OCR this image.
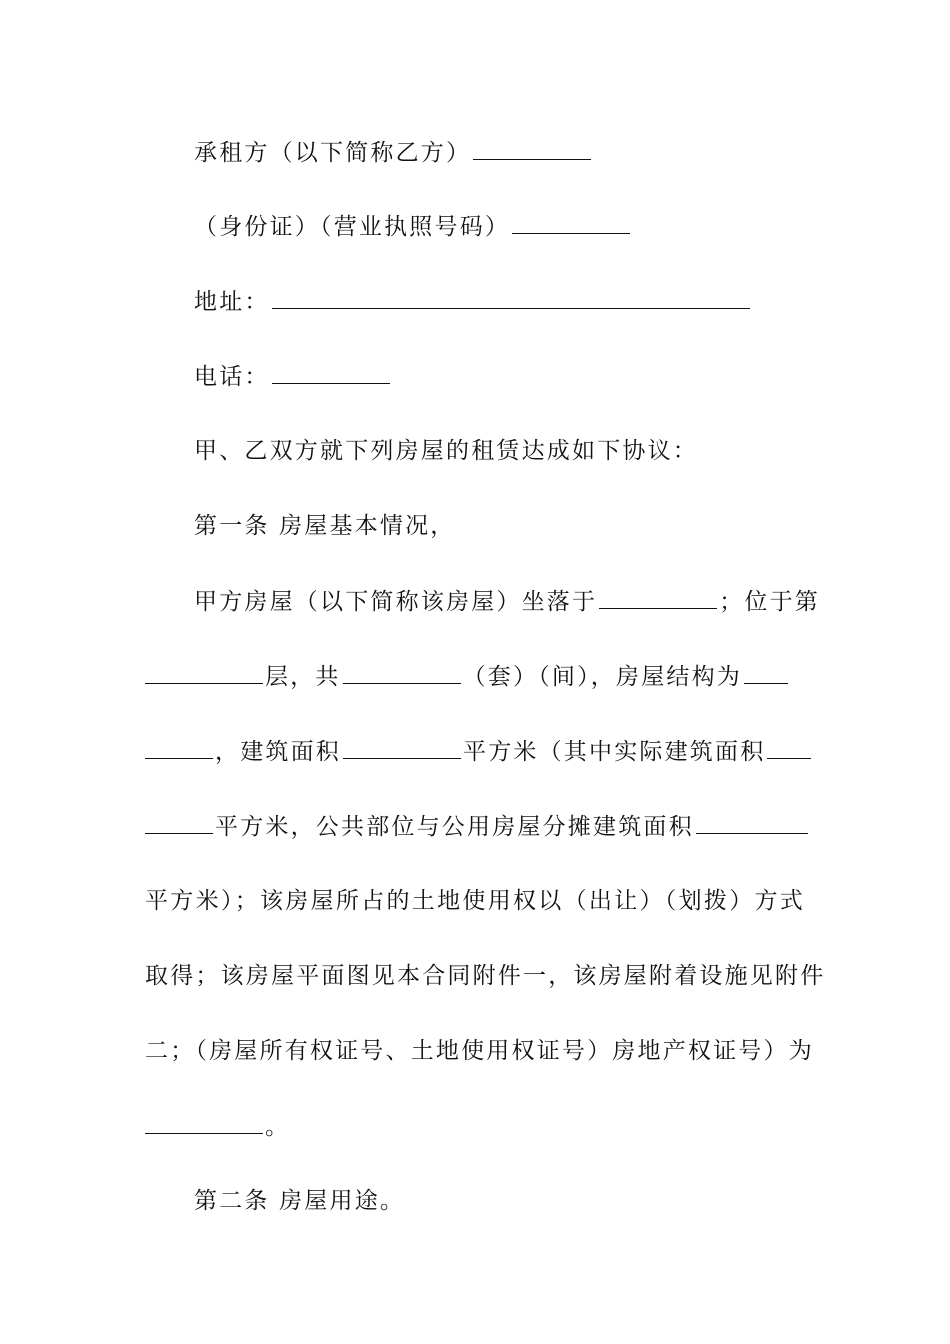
承租方（以下简称乙方）
（身份证）（营业执照号码）
地址：
电话：
甲、乙双方就下列房屋的租赁达成如下协议：
第一条 房屋基本情况，
甲方房屋（以下简称该房屋）坐落于	；位于第
层，共	（套）（间），房屋结构为
，建筑面积	平方米（其中实际建筑面积
平方米，公共部位与公用房屋分摊建筑面积
平方米）；该房屋所占的土地使用权以（出让）（划拨）方式
取得；该房屋平面图见本合同附件一，该房屋附着设施见附件
二；（房屋所有权证号、土地使用权证号）房地产权证号）为
。
第二条 房屋用途。
